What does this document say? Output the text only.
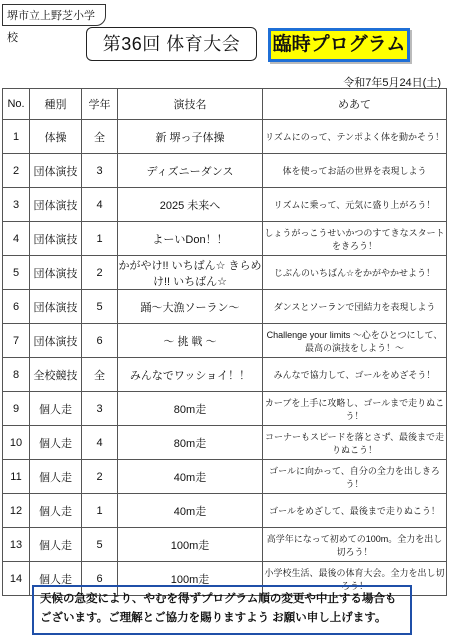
堺市立上野芝小学校	第36回 体育大会	臨時プログラム
令和7年5月24日(土)
No.	種別	学年	演技名	めあて
1	体操	全	新 堺っ子体操	リズムにのって、テンポよく体を動かそう！
2	団体演技	3	ディズニーダンス	体を使ってお話の世界を表現しよう
3	団体演技	4	2025 未来へ	リズムに乗って、元気に盛り上がろう！
4	団体演技	1	よーいDon！！	しょうがっこうせいかつのすてきなスタートをきろう！
5	団体演技	2	かがやけ!! いちばん☆ きらめけ!! いちばん☆	じぶんのいちばん☆をかがやかせよう！
6	団体演技	5	踊～大漁ソーラン～	ダンスとソーランで団結力を表現しよう
7	団体演技	6	～ 挑 戦 ～	Challenge your limits ～心をひとつにして、最高の演技をしよう！～
8	全校競技	全	みんなでワッショイ！！	みんなで協力して、ゴールをめざそう！
9	個人走	3	80m走	カーブを上手に攻略し、ゴールまで走りぬこう！
10	個人走	4	80m走	コーナーもスピードを落とさず、最後まで走りぬこう！
11	個人走	2	40m走	ゴールに向かって、自分の全力を出しきろう！
12	個人走	1	40m走	ゴールをめざして、最後まで走りぬこう！
13	個人走	5	100m走	高学年になって初めての100m。全力を出し切ろう！
14	個人走	6	100m走	小学校生活、最後の体育大会。全力を出し切ろう！
天候の急変により、やむを得ずプログラム順の変更や中止する場合もございます。ご理解とご協力を賜りますよう お願い申し上げます。
